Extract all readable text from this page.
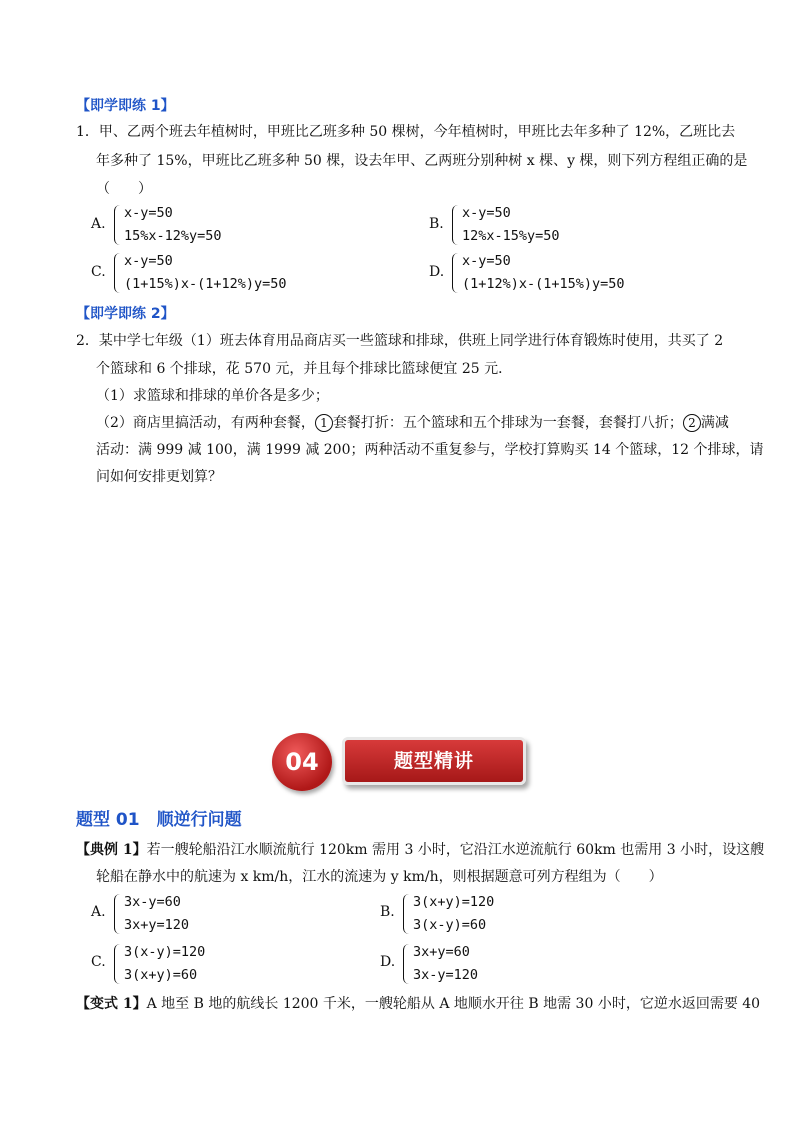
【即学即练 1】
1．甲、乙两个班去年植树时，甲班比乙班多种 50 棵树，今年植树时，甲班比去年多种了 12%，乙班比去
年多种了 15%，甲班比乙班多种 50 棵，设去年甲、乙两班分别种树 x 棵、y 棵，则下列方程组正确的是
（　　）
A.
x-y=50
15%x-12%y=50
B.
x-y=50
12%x-15%y=50
C.
x-y=50
(1+15%)x-(1+12%)y=50
D.
x-y=50
(1+12%)x-(1+15%)y=50
【即学即练 2】
2．某中学七年级（1）班去体育用品商店买一些篮球和排球，供班上同学进行体育锻炼时使用，共买了 2
个篮球和 6 个排球，花 570 元，并且每个排球比篮球便宜 25 元．
（1）求篮球和排球的单价各是多少；
（2）商店里搞活动，有两种套餐， 1 套餐打折：五个篮球和五个排球为一套餐，套餐打八折； 2 满减
活动：满 999 减 100，满 1999 减 200；两种活动不重复参与，学校打算购买 14 个篮球，12 个排球，请
问如何安排更划算？
题型精讲
04
题型 01　顺逆行问题
【典例 1】若一艘轮船沿江水顺流航行 120km 需用 3 小时，它沿江水逆流航行 60km 也需用 3 小时，设这艘
轮船在静水中的航速为 x km/h，江水的流速为 y km/h，则根据题意可列方程组为（　　）
A.
3x-y=60
3x+y=120
B.
3(x+y)=120
3(x-y)=60
C.
3(x-y)=120
3(x+y)=60
D.
3x+y=60
3x-y=120
【变式 1】A 地至 B 地的航线长 1200 千米，一艘轮船从 A 地顺水开往 B 地需 30 小时，它逆水返回需要 40
